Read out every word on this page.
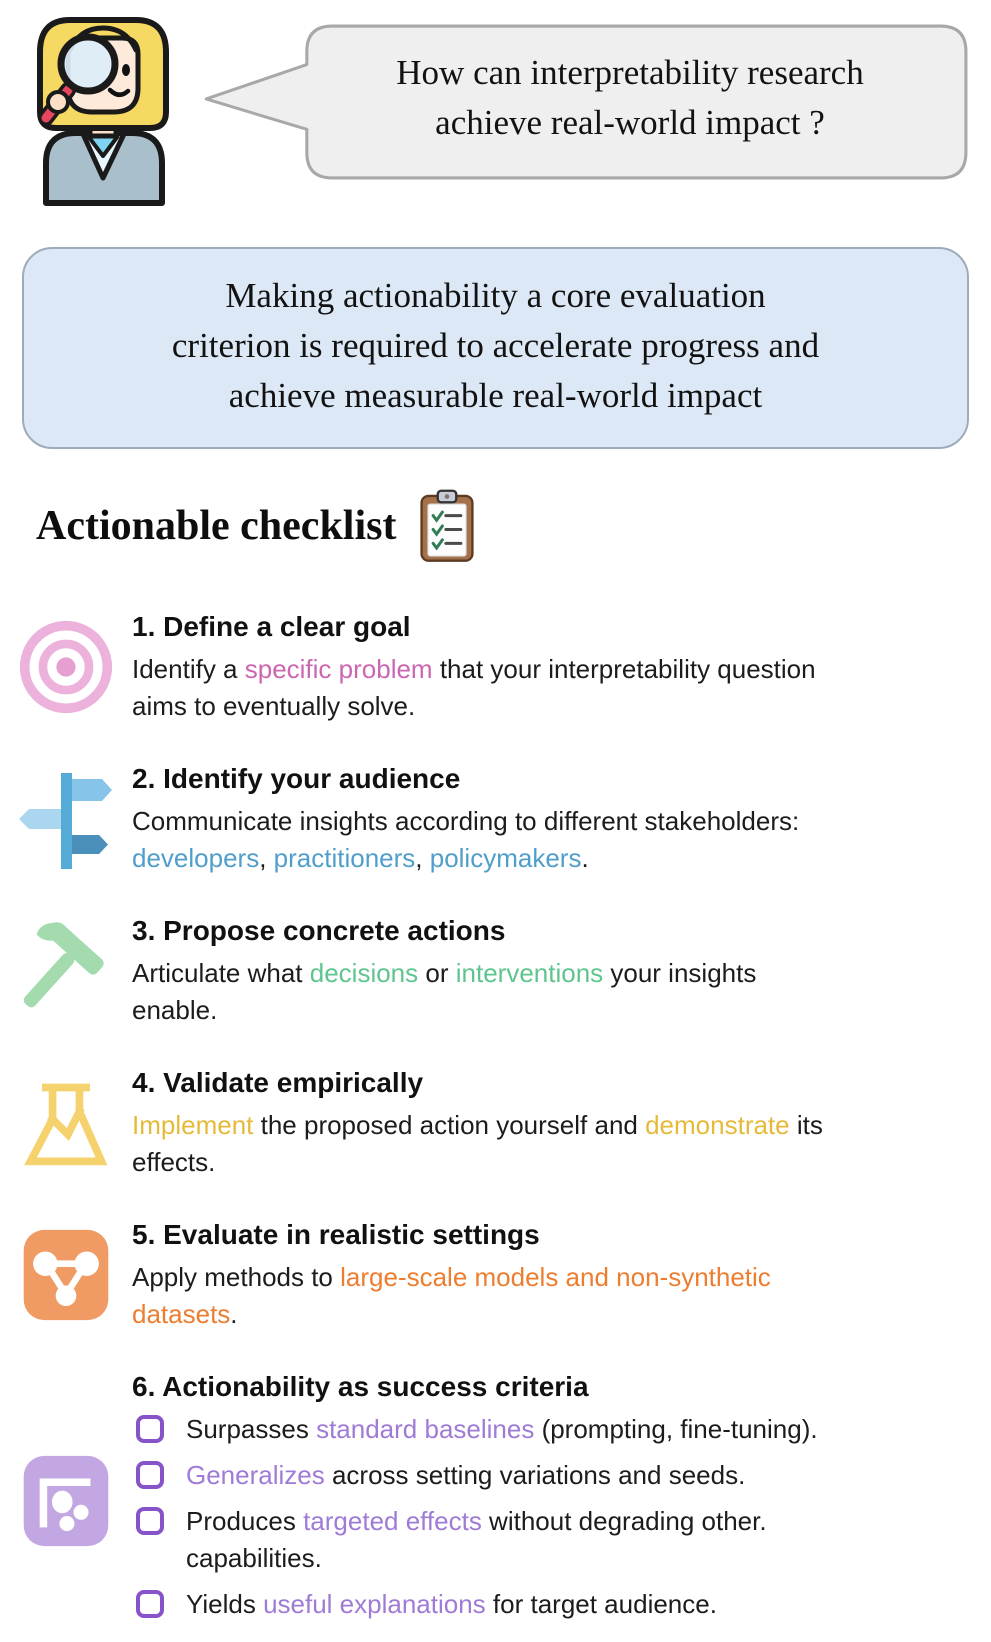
How can interpretability research
achieve real-world impact ?
Making actionability a core evaluation
criterion is required to accelerate progress and
achieve measurable real-world impact
Actionable checklist
1. Define a clear goal

Identify a specific problem that your interpretability question
aims to eventually solve.

2. Identify your audience

Communicate insights according to different stakeholders:
developers, practitioners, policymakers.

3. Propose concrete actions

Articulate what decisions or interventions your insights
enable.

4. Validate empirically

Implement the proposed action yourself and demonstrate its
effects.

5. Evaluate in realistic settings

Apply methods to large-scale models and non-synthetic
datasets.

6. Actionability as success criteria

Surpasses standard baselines (prompting, fine-tuning).

Generalizes across setting variations and seeds.

Produces targeted effects without degrading other.
capabilities.

Yields useful explanations for target audience.
